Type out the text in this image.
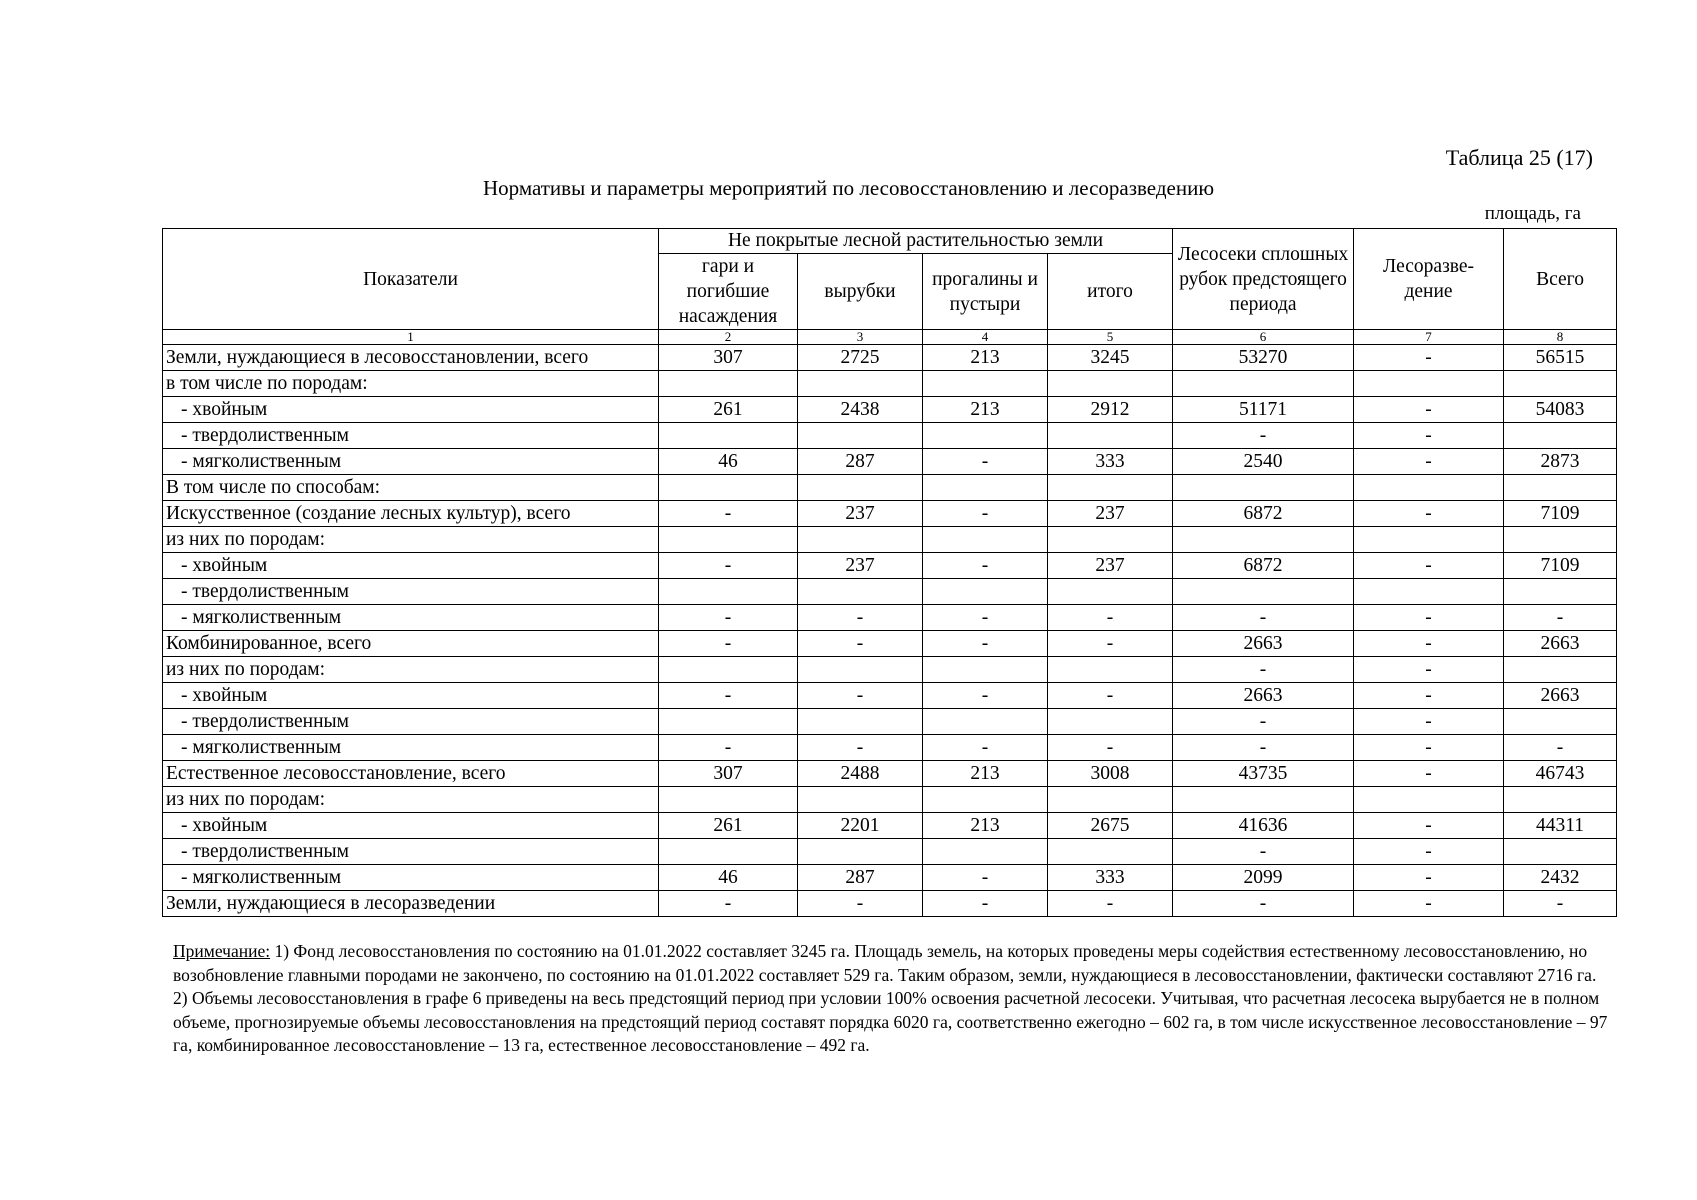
Таблица 25 (17)
Нормативы и параметры мероприятий по лесовосстановлению и лесоразведению
площадь, га
Показатели	Не покрытые лесной растительностью земли				Лесосеки сплошных рубок предстоящего периода	Лесоразве- дение	Всего
	гари и погибшие насаждения	вырубки	прогалины и пустыри	итого			
1	2	3	4	5	6	7	8
Земли, нуждающиеся в лесовосстановлении, всего	307	2725	213	3245	53270	-	56515
в том числе по породам:							
- хвойным	261	2438	213	2912	51171	-	54083
- твердолиственным					-	-	
- мягколиственным	46	287	-	333	2540	-	2873
В том числе по способам:							
Искусственное (создание лесных культур), всего	-	237	-	237	6872	-	7109
из них по породам:							
- хвойным	-	237	-	237	6872	-	7109
- твердолиственным							
- мягколиственным	-	-	-	-	-	-	-
Комбинированное, всего	-	-	-	-	2663	-	2663
из них по породам:					-	-	
- хвойным	-	-	-	-	2663	-	2663
- твердолиственным					-	-	
- мягколиственным	-	-	-	-	-	-	-
Естественное лесовосстановление, всего	307	2488	213	3008	43735	-	46743
из них по породам:							
- хвойным	261	2201	213	2675	41636	-	44311
- твердолиственным					-	-	
- мягколиственным	46	287	-	333	2099	-	2432
Земли, нуждающиеся в лесоразведении	-	-	-	-	-	-	-
Примечание: 1) Фонд лесовосстановления по состоянию на 01.01.2022 составляет 3245 га. Площадь земель, на которых проведены меры содействия естественному лесовосстановлению, но возобновление главными породами не закончено, по состоянию на 01.01.2022 составляет 529 га. Таким образом, земли, нуждающиеся в лесовосстановлении, фактически составляют 2716 га. 2) Объемы лесовосстановления в графе 6 приведены на весь предстоящий период при условии 100% освоения расчетной лесосеки. Учитывая, что расчетная лесосека вырубается не в полном объеме, прогнозируемые объемы лесовосстановления на предстоящий период составят порядка 6020 га, соответственно ежегодно – 602 га, в том числе искусственное лесовосстановление – 97 га, комбинированное лесовосстановление – 13 га, естественное лесовосстановление – 492 га.
